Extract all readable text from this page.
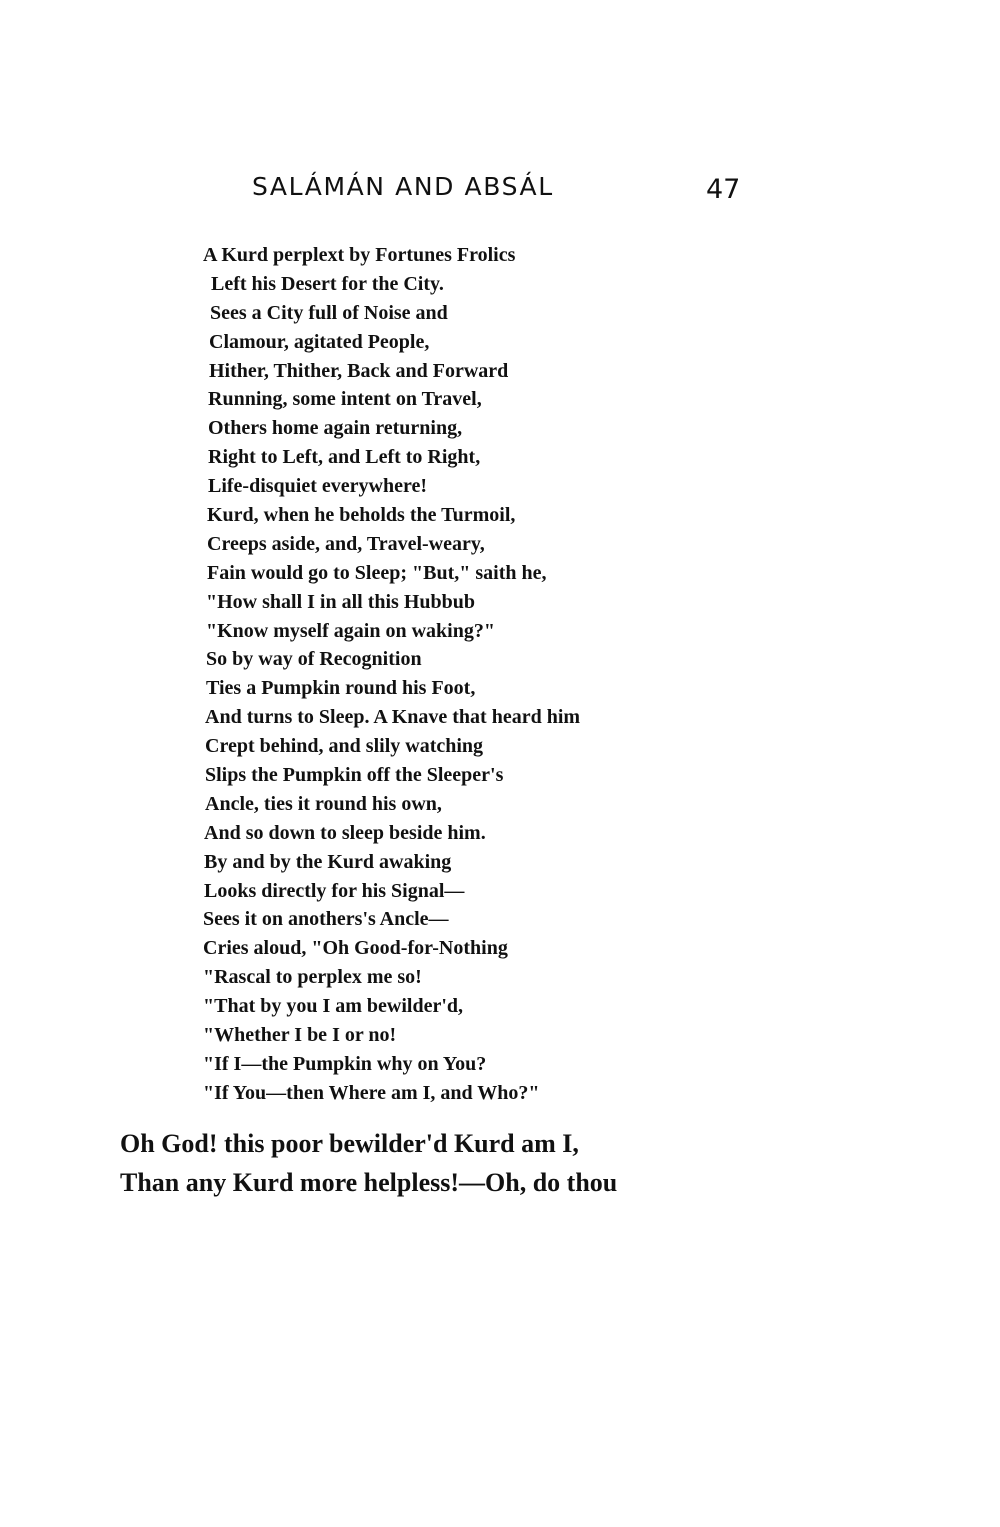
SALÁMÁN AND ABSÁL	47
A Kurd perplext by Fortunes Frolics
Left his Desert for the City.
Sees a City full of Noise and
Clamour, agitated People,
Hither, Thither, Back and Forward
Running, some intent on Travel,
Others home again returning,
Right to Left, and Left to Right,
Life-disquiet everywhere!
Kurd, when he beholds the Turmoil,
Creeps aside, and, Travel-weary,
Fain would go to Sleep; "But," saith he,
"How shall I in all this Hubbub
"Know myself again on waking?"
So by way of Recognition
Ties a Pumpkin round his Foot,
And turns to Sleep. A Knave that heard him
Crept behind, and slily watching
Slips the Pumpkin off the Sleeper's
Ancle, ties it round his own,
And so down to sleep beside him.
By and by the Kurd awaking
Looks directly for his Signal—
Sees it on anothers's Ancle—
Cries aloud, "Oh Good-for-Nothing
"Rascal to perplex me so!
"That by you I am bewilder'd,
"Whether I be I or no!
"If I—the Pumpkin why on You?
"If You—then Where am I, and Who?"
Oh God! this poor bewilder'd Kurd am I,
Than any Kurd more helpless!—Oh, do thou
